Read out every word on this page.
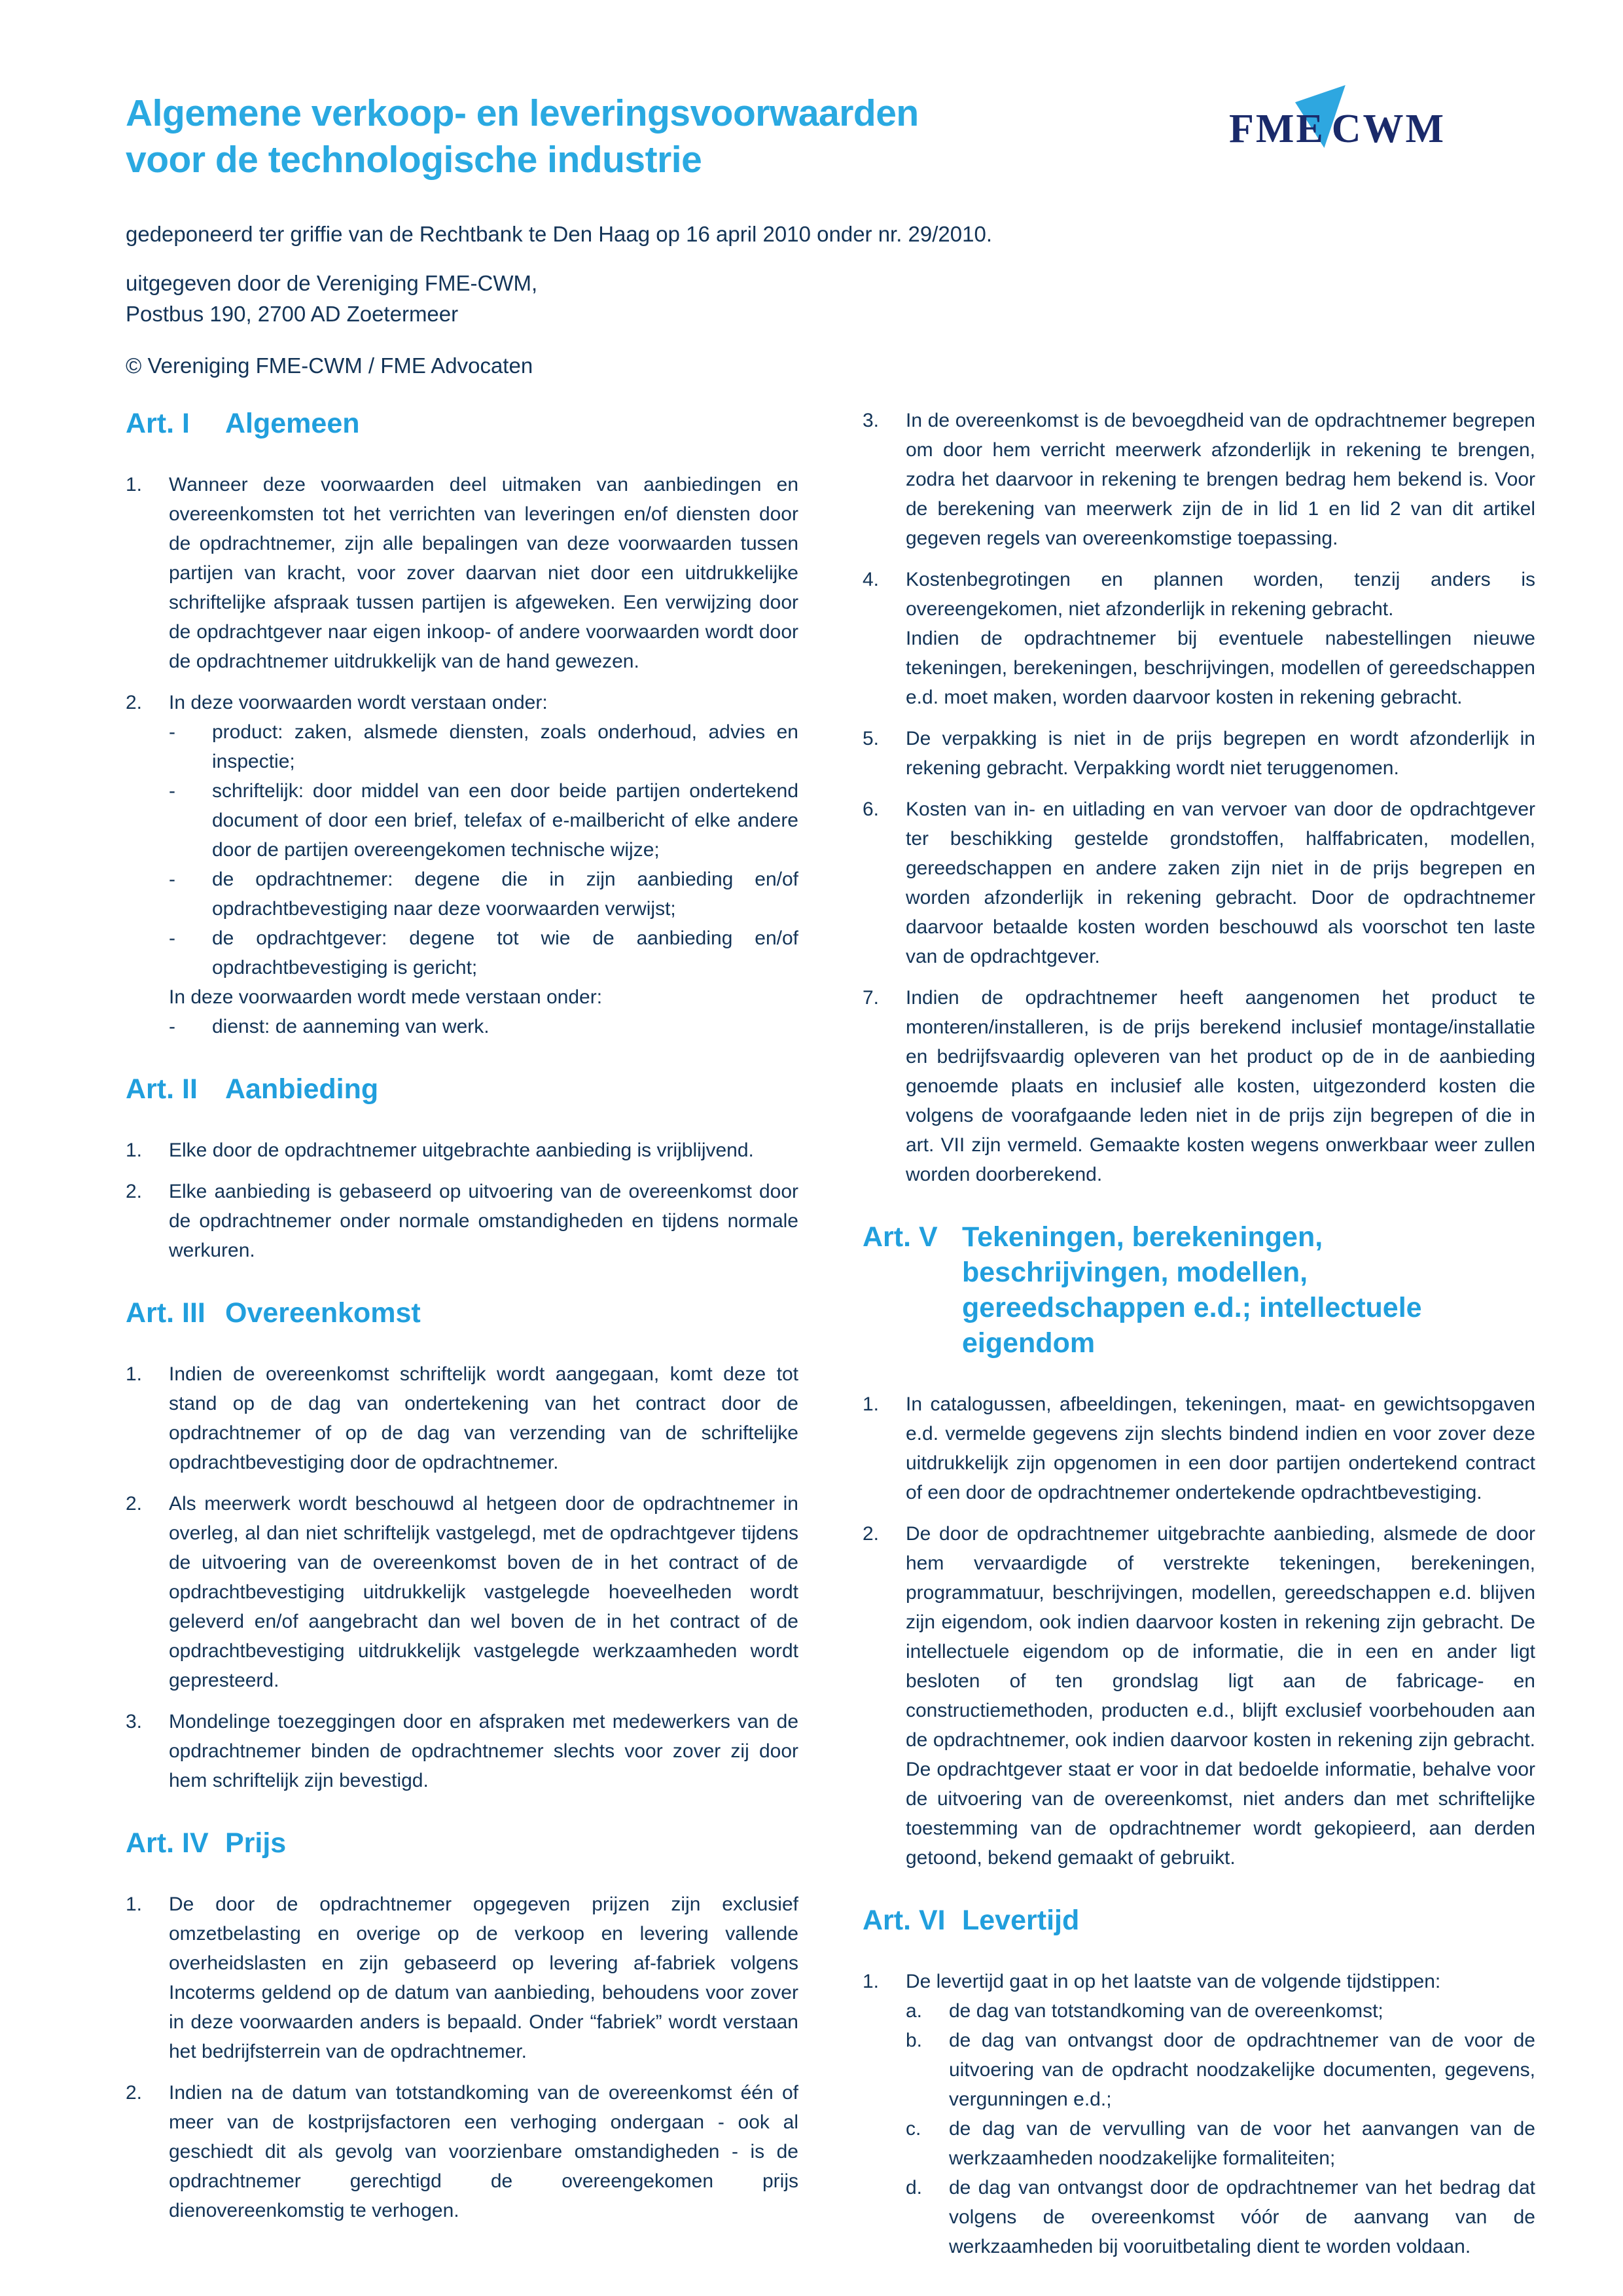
Algemene verkoop- en leveringsvoorwaarden
voor de technologische industrie
gedeponeerd ter griffie van de Rechtbank te Den Haag op 16 april 2010 onder nr. 29/2010.
uitgegeven door de Vereniging FME-CWM,
Postbus 190, 2700 AD Zoetermeer
© Vereniging FME-CWM / FME Advocaten
FME CWM
Art. I	Algemeen
1.	Wanneer deze voorwaarden deel uitmaken van aanbiedingen en overeenkomsten tot het verrichten van leveringen en/of diensten door de opdrachtnemer, zijn alle bepalingen van deze voorwaarden tussen partijen van kracht, voor zover daarvan niet door een uitdrukkelijke schriftelijke afspraak tussen partijen is afgeweken. Een verwijzing door de opdrachtgever naar eigen inkoop- of andere voorwaarden wordt door de opdrachtnemer uitdrukkelijk van de hand gewezen.
2.	In deze voorwaarden wordt verstaan onder:
-	product: zaken, alsmede diensten, zoals onderhoud, advies en inspectie;
-	schriftelijk: door middel van een door beide partijen ondertekend document of door een brief, telefax of e-mailbericht of elke andere door de partijen overeengekomen technische wijze;
-	de opdrachtnemer: degene die in zijn aanbieding en/of opdrachtbevestiging naar deze voorwaarden verwijst;
-	de opdrachtgever: degene tot wie de aanbieding en/of opdrachtbevestiging is gericht;
In deze voorwaarden wordt mede verstaan onder:
-	dienst: de aanneming van werk.
Art. II Aanbieding
1.	Elke door de opdrachtnemer uitgebrachte aanbieding is vrijblijvend.
2.	Elke aanbieding is gebaseerd op uitvoering van de overeenkomst door de opdrachtnemer onder normale omstandigheden en tijdens normale werkuren.
Art. III Overeenkomst
1.	Indien de overeenkomst schriftelijk wordt aangegaan, komt deze tot stand op de dag van ondertekening van het contract door de opdrachtnemer of op de dag van verzending van de schriftelijke opdrachtbevestiging door de opdrachtnemer.
2.	Als meerwerk wordt beschouwd al hetgeen door de opdrachtnemer in overleg, al dan niet schriftelijk vastgelegd, met de opdrachtgever tijdens de uitvoering van de overeenkomst boven de in het contract of de opdrachtbevestiging uitdrukkelijk vastgelegde hoeveelheden wordt geleverd en/of aangebracht dan wel boven de in het contract of de opdrachtbevestiging uitdrukkelijk vastgelegde werkzaamheden wordt gepresteerd.
3.	Mondelinge toezeggingen door en afspraken met medewerkers van de opdrachtnemer binden de opdrachtnemer slechts voor zover zij door hem schriftelijk zijn bevestigd.
Art. IV Prijs
1.	De door de opdrachtnemer opgegeven prijzen zijn exclusief omzetbelasting en overige op de verkoop en levering vallende overheidslasten en zijn gebaseerd op levering af-fabriek volgens Incoterms geldend op de datum van aanbieding, behoudens voor zover in deze voorwaarden anders is bepaald. Onder “fabriek” wordt verstaan het bedrijfsterrein van de opdrachtnemer.
2.	Indien na de datum van totstandkoming van de overeenkomst één of meer van de kostprijsfactoren een verhoging ondergaan - ook al geschiedt dit als gevolg van voorzienbare omstandigheden - is de opdrachtnemer gerechtigd de overeengekomen prijs dienovereenkomstig te verhogen.
3.	In de overeenkomst is de bevoegdheid van de opdrachtnemer begrepen om door hem verricht meerwerk afzonderlijk in rekening te brengen, zodra het daarvoor in rekening te brengen bedrag hem bekend is. Voor de berekening van meerwerk zijn de in lid 1 en lid 2 van dit artikel gegeven regels van overeenkomstige toepassing.
4.	Kostenbegrotingen en plannen worden, tenzij anders is overeengekomen, niet afzonderlijk in rekening gebracht.
Indien de opdrachtnemer bij eventuele nabestellingen nieuwe tekeningen, berekeningen, beschrijvingen, modellen of gereedschappen e.d. moet maken, worden daarvoor kosten in rekening gebracht.
5.	De verpakking is niet in de prijs begrepen en wordt afzonderlijk in rekening gebracht. Verpakking wordt niet teruggenomen.
6.	Kosten van in- en uitlading en van vervoer van door de opdrachtgever ter beschikking gestelde grondstoffen, halffabricaten, modellen, gereedschappen en andere zaken zijn niet in de prijs begrepen en worden afzonderlijk in rekening gebracht. Door de opdrachtnemer daarvoor betaalde kosten worden beschouwd als voorschot ten laste van de opdrachtgever.
7.	Indien de opdrachtnemer heeft aangenomen het product te monteren/installeren, is de prijs berekend inclusief montage/installatie en bedrijfsvaardig opleveren van het product op de in de aanbieding genoemde plaats en inclusief alle kosten, uitgezonderd kosten die volgens de voorafgaande leden niet in de prijs zijn begrepen of die in art. VII zijn vermeld. Gemaakte kosten wegens onwerkbaar weer zullen worden doorberekend.
Art. V Tekeningen, berekeningen, beschrijvingen, modellen, gereedschappen e.d.; intellectuele eigendom
1.	In catalogussen, afbeeldingen, tekeningen, maat- en gewichtsopgaven e.d. vermelde gegevens zijn slechts bindend indien en voor zover deze uitdrukkelijk zijn opgenomen in een door partijen ondertekend contract of een door de opdrachtnemer ondertekende opdrachtbevestiging.
2.	De door de opdrachtnemer uitgebrachte aanbieding, alsmede de door hem vervaardigde of verstrekte tekeningen, berekeningen, programmatuur, beschrijvingen, modellen, gereedschappen e.d. blijven zijn eigendom, ook indien daarvoor kosten in rekening zijn gebracht. De intellectuele eigendom op de informatie, die in een en ander ligt besloten of ten grondslag ligt aan de fabricage- en constructiemethoden, producten e.d., blijft exclusief voorbehouden aan de opdrachtnemer, ook indien daarvoor kosten in rekening zijn gebracht. De opdrachtgever staat er voor in dat bedoelde informatie, behalve voor de uitvoering van de overeenkomst, niet anders dan met schriftelijke toestemming van de opdrachtnemer wordt gekopieerd, aan derden getoond, bekend gemaakt of gebruikt.
Art. VI Levertijd
1.	De levertijd gaat in op het laatste van de volgende tijdstippen:
a.	de dag van totstandkoming van de overeenkomst;
b.	de dag van ontvangst door de opdrachtnemer van de voor de uitvoering van de opdracht noodzakelijke documenten, gegevens, vergunningen e.d.;
c.	de dag van de vervulling van de voor het aanvangen van de werkzaamheden noodzakelijke formaliteiten;
d.	de dag van ontvangst door de opdrachtnemer van het bedrag dat volgens de overeenkomst vóór de aanvang van de werkzaamheden bij vooruitbetaling dient te worden voldaan.
